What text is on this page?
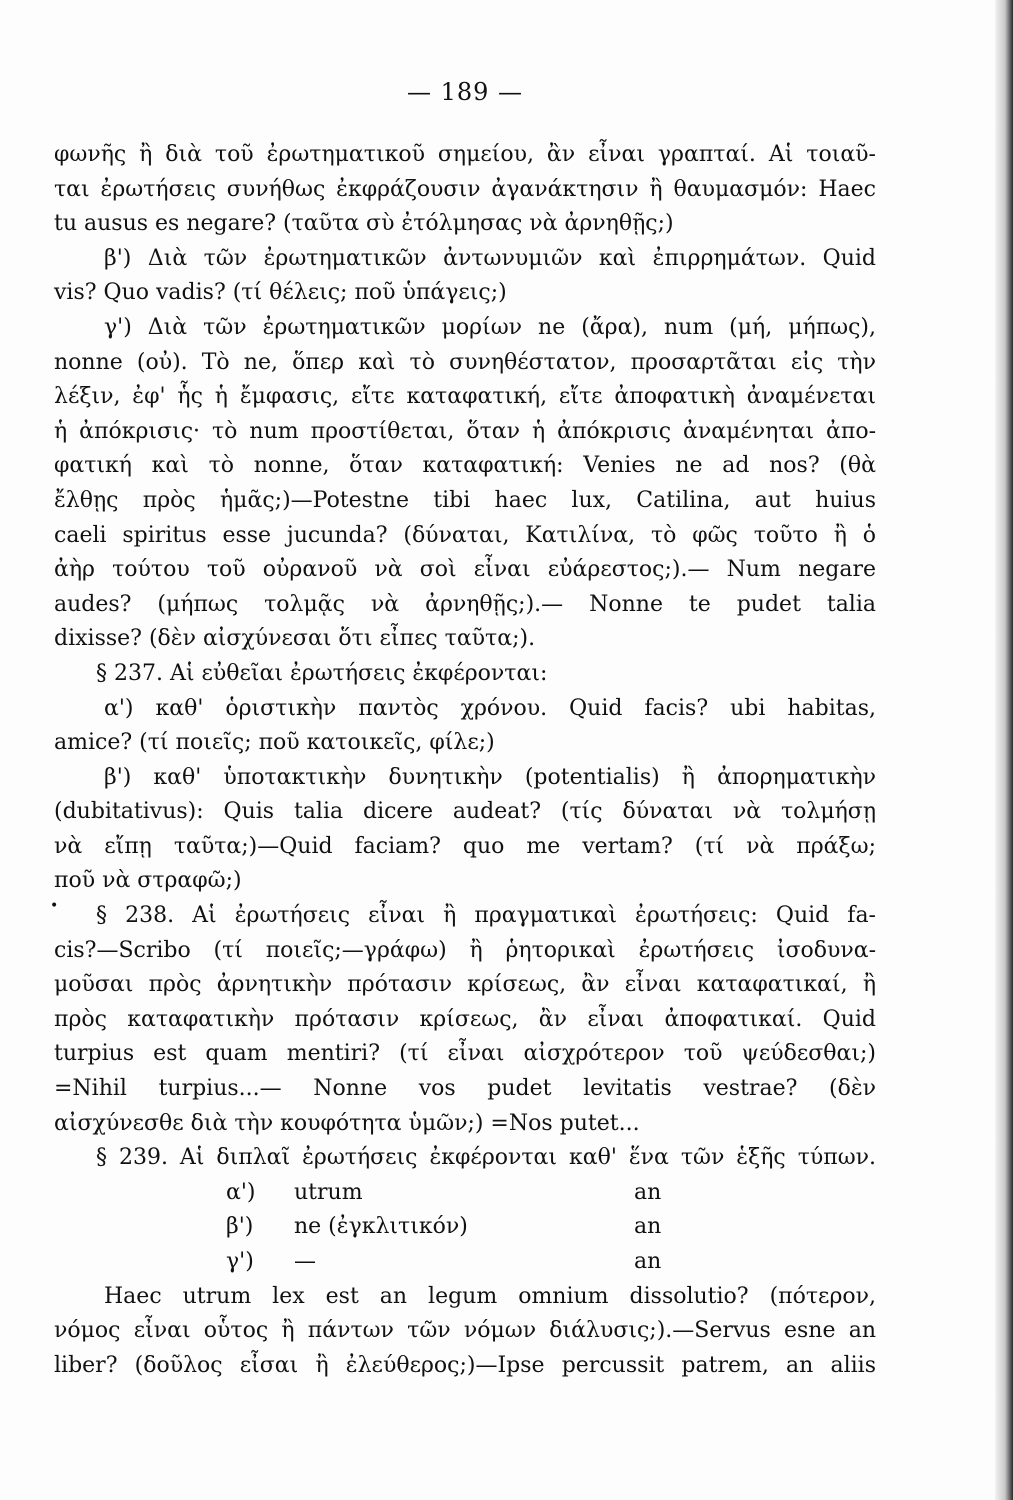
— 189 —
•
φωνῆς ἢ διὰ τοῦ ἐρωτηματικοῦ σημείου, ἂν εἶναι γραπταί. Αἱ τοιαῦ-
ται ἐρωτήσεις συνήθως ἐκφράζουσιν ἀγανάκτησιν ἢ θαυμασμόν: Haec
tu ausus es negare? (ταῦτα σὺ ἐτόλμησας νὰ ἀρνηθῇς;)
β') Διὰ τῶν ἐρωτηματικῶν ἀντωνυμιῶν καὶ ἐπιρρημάτων. Quid
vis? Quo vadis? (τί θέλεις; ποῦ ὑπάγεις;)
γ') Διὰ τῶν ἐρωτηματικῶν μορίων ne (ἄρα), num (μή, μήπως),
nonne (οὐ). Τὸ ne, ὅπερ καὶ τὸ συνηθέστατον, προσαρτᾶται εἰς τὴν
λέξιν, ἐφ' ἧς ἡ ἔμφασις, εἴτε καταφατική, εἴτε ἀποφατικὴ ἀναμένεται
ἡ ἀπόκρισις· τὸ num προστίθεται, ὅταν ἡ ἀπόκρισις ἀναμένηται ἀπο-
φατική καὶ τὸ nonne, ὅταν καταφατική: Venies ne ad nos? (θὰ
ἔλθῃς πρὸς ἡμᾶς;)—Potestne tibi haec lux, Catilina, aut huius
caeli spiritus esse jucunda? (δύναται, Κατιλίνα, τὸ φῶς τοῦτο ἢ ὁ
ἀὴρ τούτου τοῦ οὐρανοῦ νὰ σοὶ εἶναι εὐάρεστος;).— Num negare
audes? (μήπως τολμᾷς νὰ ἀρνηθῇς;).— Nonne te pudet talia
dixisse? (δὲν αἰσχύνεσαι ὅτι εἶπες ταῦτα;).
§ 237. Αἱ εὐθεῖαι ἐρωτήσεις ἐκφέρονται:
α') καθ' ὁριστικὴν παντὸς χρόνου. Quid facis? ubi habitas,
amice? (τί ποιεῖς; ποῦ κατοικεῖς, φίλε;)
β') καθ' ὑποτακτικὴν δυνητικὴν (potentialis) ἢ ἀπορηματικὴν
(dubitativus): Quis talia dicere audeat? (τίς δύναται νὰ τολμήσῃ
νὰ εἴπῃ ταῦτα;)—Quid faciam? quo me vertam? (τί νὰ πράξω;
ποῦ νὰ στραφῶ;)
§ 238. Αἱ ἐρωτήσεις εἶναι ἢ πραγματικαὶ ἐρωτήσεις: Quid fa-
cis?—Scribo (τί ποιεῖς;—γράφω) ἢ ῥητορικαὶ ἐρωτήσεις ἰσοδυνα-
μοῦσαι πρὸς ἀρνητικὴν πρότασιν κρίσεως, ἂν εἶναι καταφατικαί, ἢ
πρὸς καταφατικὴν πρότασιν κρίσεως, ἂν εἶναι ἀποφατικαί. Quid
turpius est quam mentiri? (τί εἶναι αἰσχρότερον τοῦ ψεύδεσθαι;)
=Nihil turpius...— Nonne vos pudet levitatis vestrae? (δὲν
αἰσχύνεσθε διὰ τὴν κουφότητα ὑμῶν;) =Nos putet...
§ 239. Αἱ διπλαῖ ἐρωτήσεις ἐκφέρονται καθ' ἕνα τῶν ἑξῆς τύπων.
α') utrum	an
β') ne (ἐγκλιτικόν)	an
γ') —	an
Haec utrum lex est an legum omnium dissolutio? (πότερον,
νόμος εἶναι οὗτος ἢ πάντων τῶν νόμων διάλυσις;).—Servus esne an
liber? (δοῦλος εἶσαι ἢ ἐλεύθερος;)—Ipse percussit patrem, an aliis
